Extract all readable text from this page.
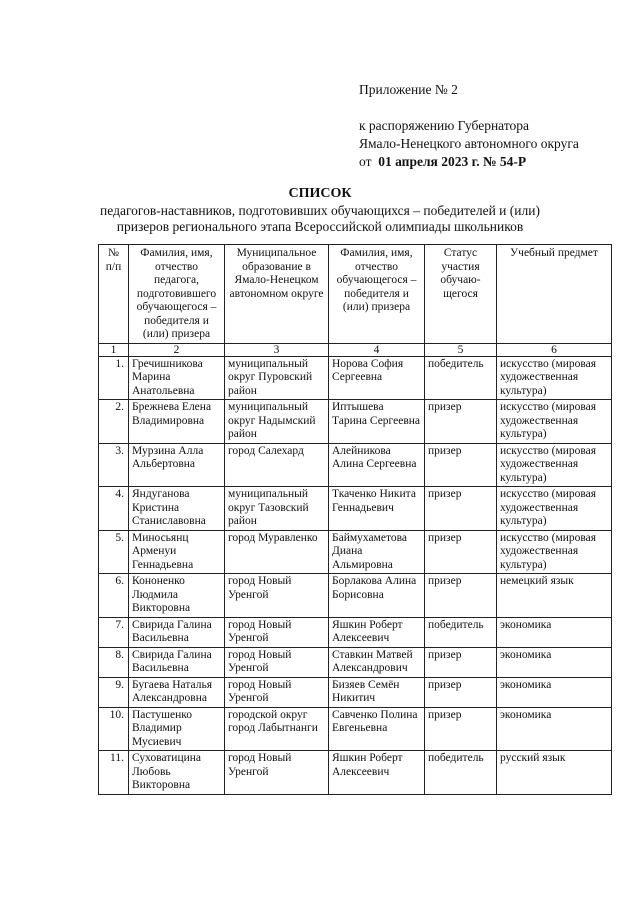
Приложение № 2
к распоряжению Губернатора
Ямало-Ненецкого автономного округа
от 01 апреля 2023 г. № 54-Р
СПИСОК
педагогов-наставников, подготовивших обучающихся – победителей и (или)
призеров регионального этапа Всероссийской олимпиады школьников
№ п/п	Фамилия, имя, отчество педагога, подготовившего обучающегося – победителя и (или) призера	Муниципальное образование в Ямало-Ненецком автономном округе	Фамилия, имя, отчество обучающегося – победителя и (или) призера	Статус участия обучаю-щегося	Учебный предмет
1	2	3	4	5	6
1.	Гречишникова Марина Анатольевна	муниципальный округ Пуровский район	Норова София Сергеевна	победитель	искусство (мировая художественная культура)
2.	Брежнева Елена Владимировна	муниципальный округ Надымский район	Иптышева Тарина Сергеевна	призер	искусство (мировая художественная культура)
3.	Мурзина Алла Альбертовна	город Салехард	Алейникова Алина Сергеевна	призер	искусство (мировая художественная культура)
4.	Яндуганова Кристина Станиславовна	муниципальный округ Тазовский район	Ткаченко Никита Геннадьевич	призер	искусство (мировая художественная культура)
5.	Миносьянц Арменуи Геннадьевна	город Муравленко	Баймухаметова Диана Альмировна	призер	искусство (мировая художественная культура)
6.	Кононенко Людмила Викторовна	город Новый Уренгой	Борлакова Алина Борисовна	призер	немецкий язык
7.	Свирида Галина Васильевна	город Новый Уренгой	Яшкин Роберт Алексеевич	победитель	экономика
8.	Свирида Галина Васильевна	город Новый Уренгой	Ставкин Матвей Александрович	призер	экономика
9.	Бугаева Наталья Александровна	город Новый Уренгой	Бизяев Семён Никитич	призер	экономика
10.	Пастушенко Владимир Мусиевич	городской округ город Лабытнанги	Савченко Полина Евгеньевна	призер	экономика
11.	Суховатицина Любовь Викторовна	город Новый Уренгой	Яшкин Роберт Алексеевич	победитель	русский язык
